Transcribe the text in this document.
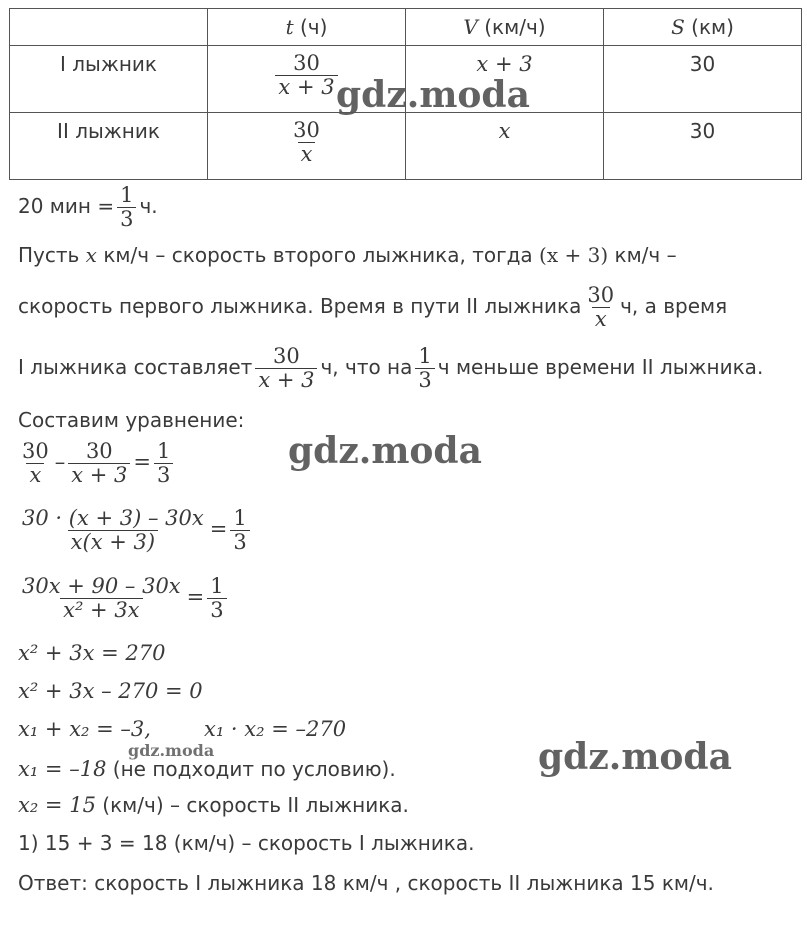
	t (ч)	V (км/ч)	S (км)

I лыжник	$\frac{30}{x + 3}$	x + 3	30

II лыжник	$\frac{30}{x}$	x	30
20 мин = $\frac{1}{3} ч$.
Пусть x км/ч – скорость второго лыжника, тогда (x + 3) км/ч –
скорость первого лыжника. Время в пути II лыжника $\frac{30}{x} ч$, а время
I лыжника составляет $\frac{30}{x + 3} ч$, что на $\frac{1}{3}$ ч меньше времени II лыжника.
Составим уравнение:
$\frac{30}{x} - \frac{30}{x + 3} = \frac{1}{3}$
$\frac{30 \cdot (x + 3) - 30x}{x(x + 3)} = \frac{1}{3}$
$\frac{30x + 90 - 30x}{\text{x² + 3x}} = \frac{1}{3}$
x² + 3x = 270
x² + 3x – 270 = 0
x₁ + x₂ = –3,	x₁ · x₂ = –270
x₁ = –18 (не подходит по условию).
x₂ = 15 (км/ч) – скорость II лыжника.
1) 15 + 3 = 18 (км/ч) – скорость I лыжника.
Ответ: скорость I лыжника 18 км/ч , скорость II лыжника 15 км/ч.
gdz.moda
gdz.moda
gdz.moda
gdz.moda
